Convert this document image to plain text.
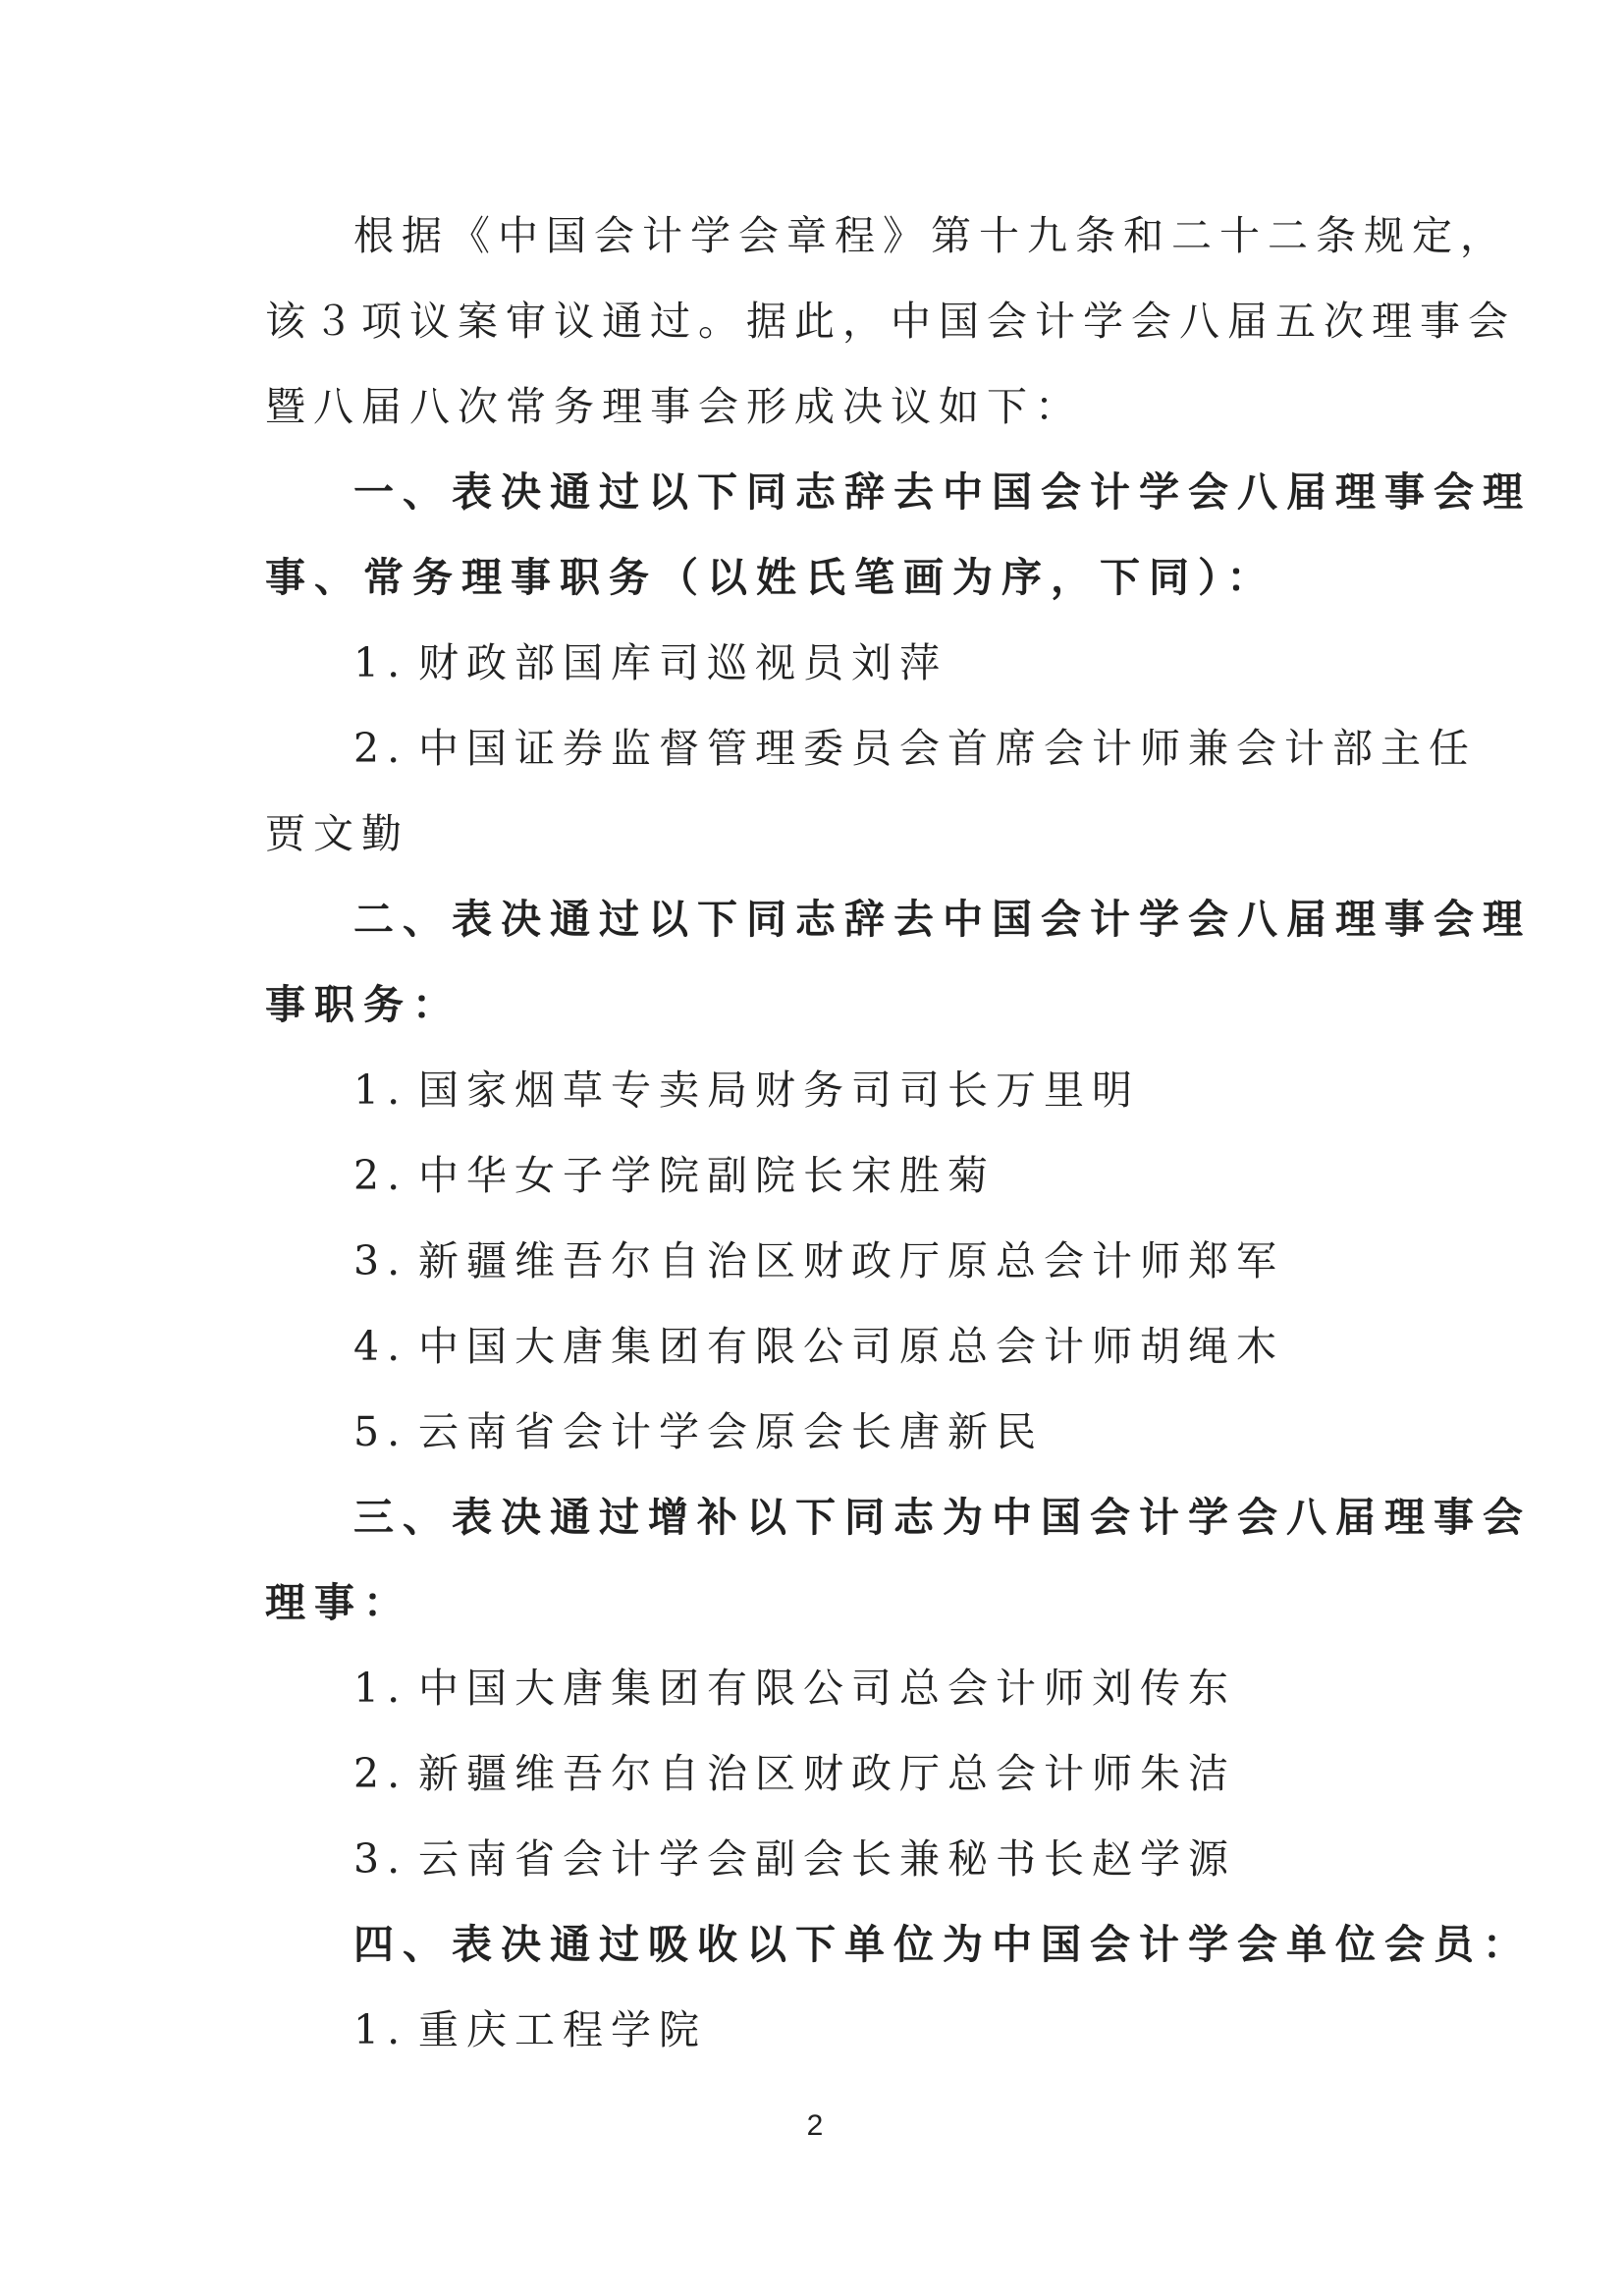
根据《中国会计学会章程》第十九条和二十二条规定，
该３项议案审议通过。据此，中国会计学会八届五次理事会
暨八届八次常务理事会形成决议如下：
一、表决通过以下同志辞去中国会计学会八届理事会理
事、常务理事职务（以姓氏笔画为序，下同）：
1. 财政部国库司巡视员刘萍
2. 中国证券监督管理委员会首席会计师兼会计部主任
贾文勤
二、表决通过以下同志辞去中国会计学会八届理事会理
事职务：
1. 国家烟草专卖局财务司司长万里明
2. 中华女子学院副院长宋胜菊
3. 新疆维吾尔自治区财政厅原总会计师郑军
4. 中国大唐集团有限公司原总会计师胡绳木
5. 云南省会计学会原会长唐新民
三、表决通过增补以下同志为中国会计学会八届理事会
理事：
1. 中国大唐集团有限公司总会计师刘传东
2. 新疆维吾尔自治区财政厅总会计师朱洁
3. 云南省会计学会副会长兼秘书长赵学源
四、表决通过吸收以下单位为中国会计学会单位会员：
1. 重庆工程学院
2
